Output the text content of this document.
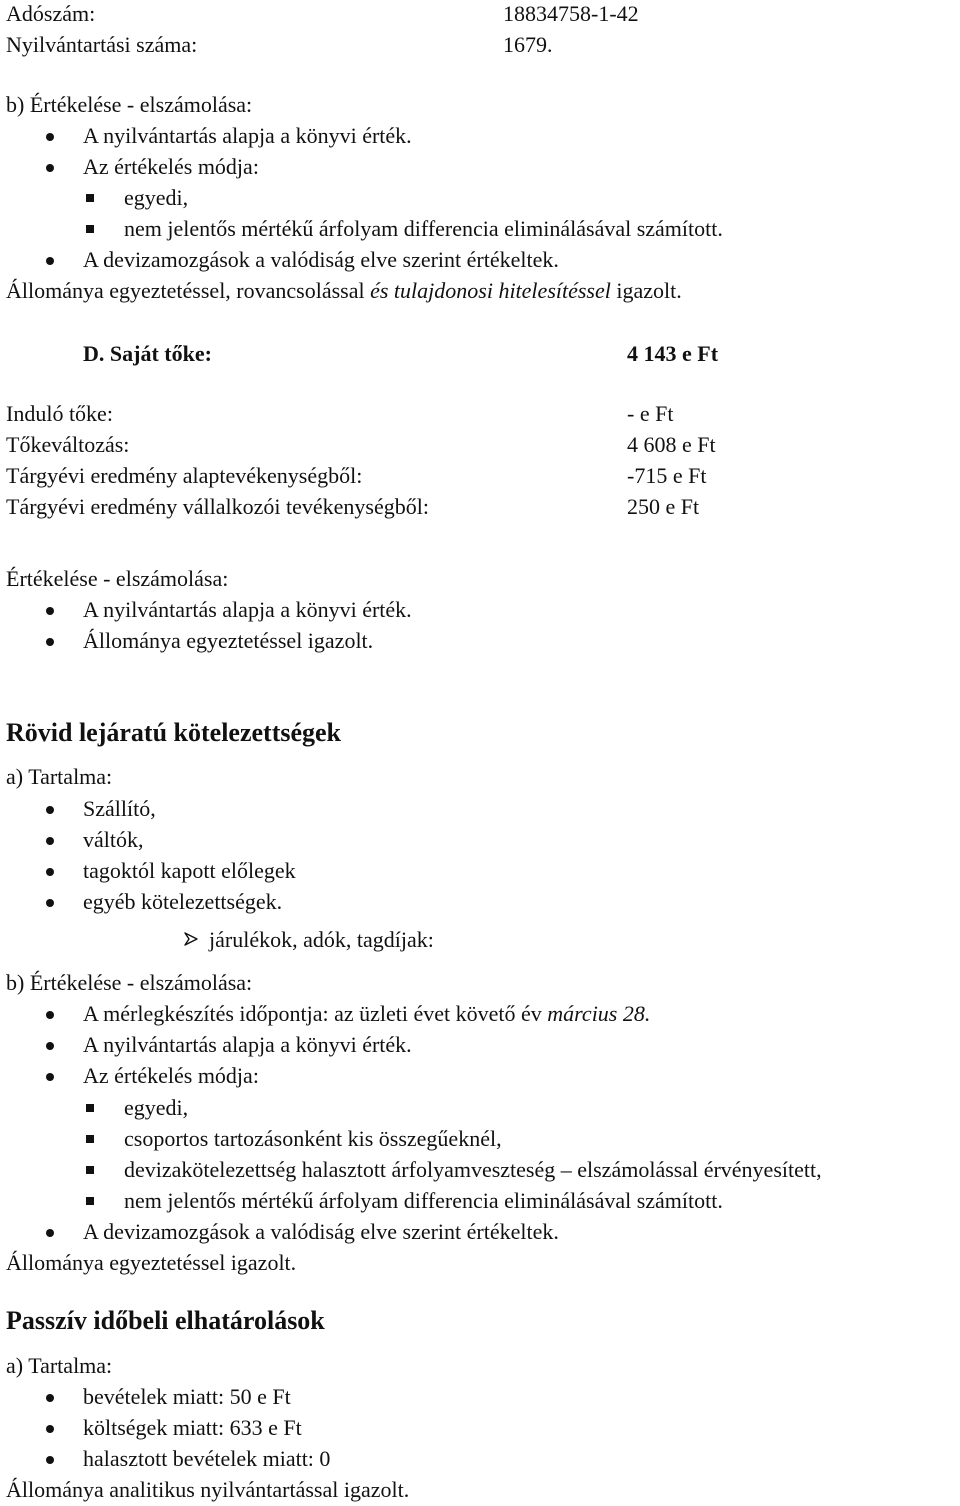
Adószám:	18834758-1-42
Nyilvántartási száma:	1679.
b) Értékelése - elszámolása:
A nyilvántartás alapja a könyvi érték.
Az értékelés módja:
egyedi,
nem jelentős mértékű árfolyam differencia eliminálásával számított.
A devizamozgások a valódiság elve szerint értékeltek.
Állománya egyeztetéssel, rovancsolással és tulajdonosi hitelesítéssel igazolt.
D. Saját tőke:	4 143 e Ft
Induló tőke:	- e Ft
Tőkeváltozás:	4 608 e Ft
Tárgyévi eredmény alaptevékenységből:	-715 e Ft
Tárgyévi eredmény vállalkozói tevékenységből:	250 e Ft
Értékelése - elszámolása:
A nyilvántartás alapja a könyvi érték.
Állománya egyeztetéssel igazolt.
Rövid lejáratú kötelezettségek
a) Tartalma:
Szállító,
váltók,
tagoktól kapott előlegek
egyéb kötelezettségek.
járulékok, adók, tagdíjak:
b) Értékelése - elszámolása:
A mérlegkészítés időpontja: az üzleti évet követő év március 28.
A nyilvántartás alapja a könyvi érték.
Az értékelés módja:
egyedi,
csoportos tartozásonként kis összegűeknél,
devizakötelezettség halasztott árfolyamveszteség – elszámolással érvényesített,
nem jelentős mértékű árfolyam differencia eliminálásával számított.
A devizamozgások a valódiság elve szerint értékeltek.
Állománya egyeztetéssel igazolt.
Passzív időbeli elhatárolások
a) Tartalma:
bevételek miatt: 50 e Ft
költségek miatt: 633 e Ft
halasztott bevételek miatt: 0
Állománya analitikus nyilvántartással igazolt.
